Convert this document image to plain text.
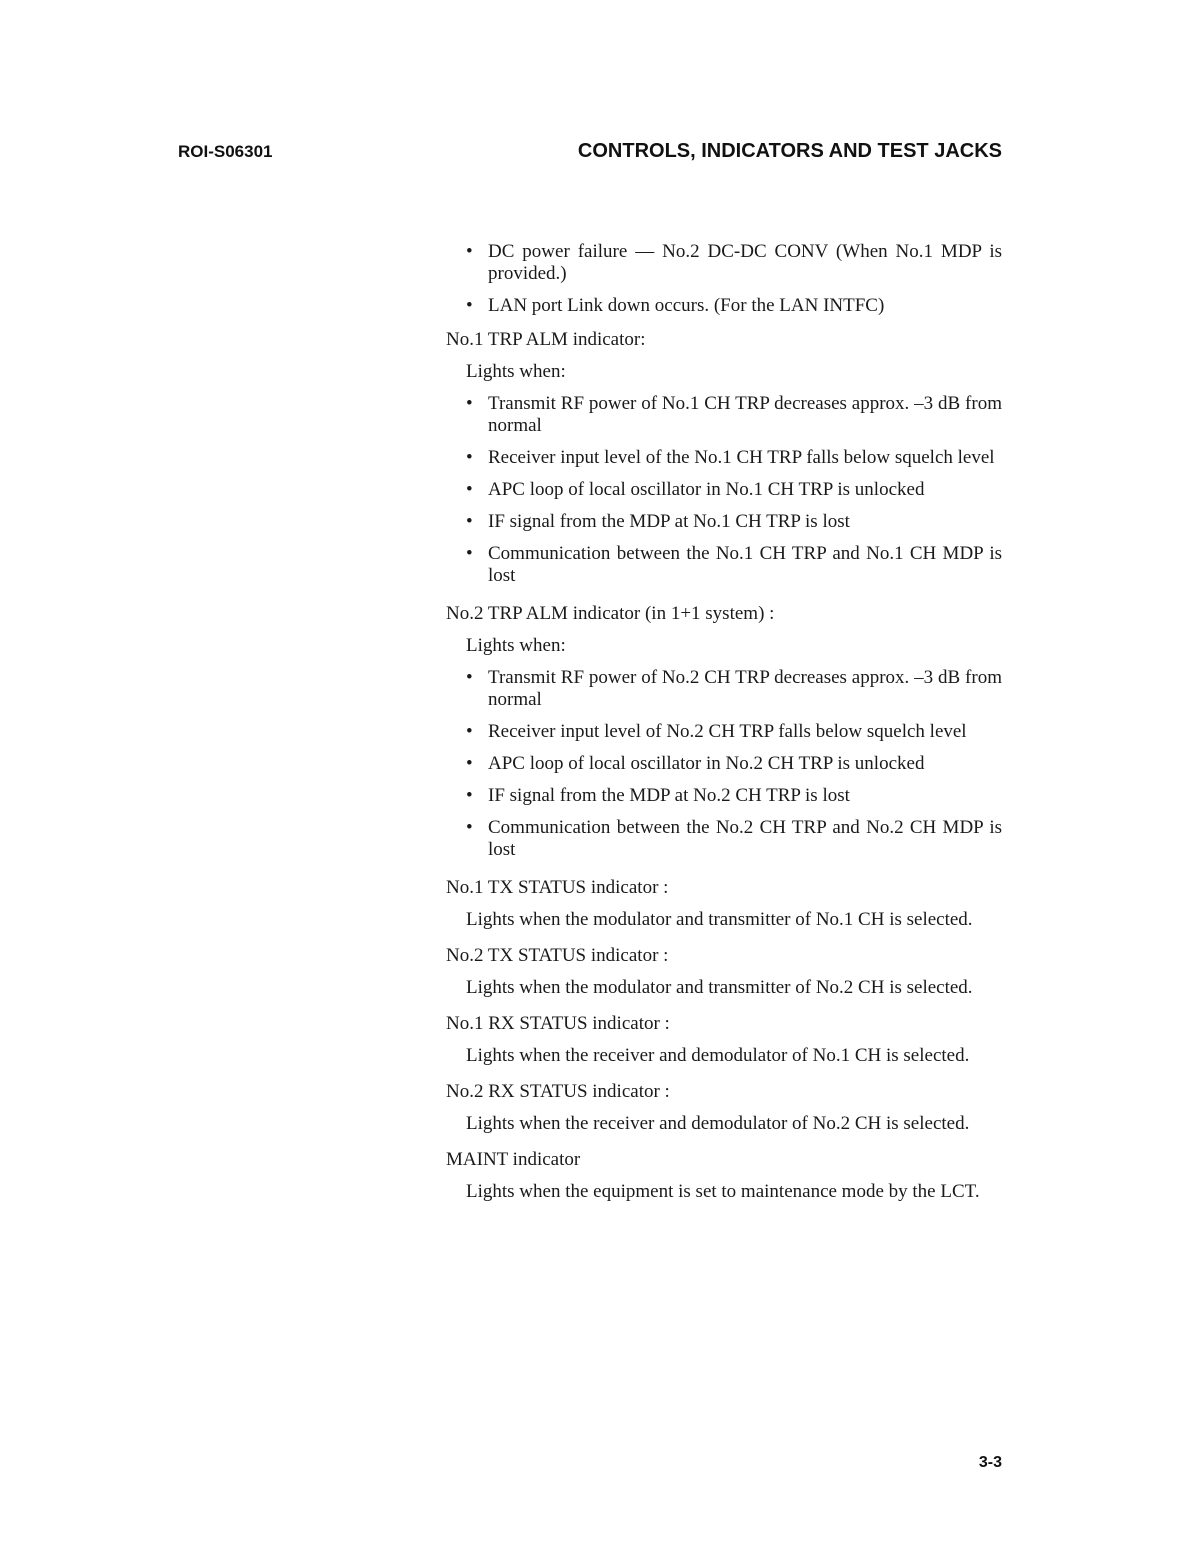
ROI-S06301	CONTROLS, INDICATORS AND TEST JACKS
• DC power failure — No.2 DC-DC CONV (When No.1 MDP is provided.)
• LAN port Link down occurs. (For the LAN INTFC)

No.1 TRP ALM indicator:

Lights when:

• Transmit RF power of No.1 CH TRP decreases approx. –3 dB from normal
• Receiver input level of the No.1 CH TRP falls below squelch level
• APC loop of local oscillator in No.1 CH TRP is unlocked
• IF signal from the MDP at No.1 CH TRP is lost
• Communication between the No.1 CH TRP and No.1 CH MDP is lost

No.2 TRP ALM indicator (in 1+1 system) :

Lights when:

• Transmit RF power of No.2 CH TRP decreases approx. –3 dB from normal
• Receiver input level of No.2 CH TRP falls below squelch level
• APC loop of local oscillator in No.2 CH TRP is unlocked
• IF signal from the MDP at No.2 CH TRP is lost
• Communication between the No.2 CH TRP and No.2 CH MDP is lost

No.1 TX STATUS indicator :

Lights when the modulator and transmitter of No.1 CH is selected.

No.2 TX STATUS indicator :

Lights when the modulator and transmitter of No.2 CH is selected.

No.1 RX STATUS indicator :

Lights when the receiver and demodulator of No.1 CH is selected.

No.2 RX STATUS indicator :

Lights when the receiver and demodulator of No.2 CH is selected.

MAINT indicator

Lights when the equipment is set to maintenance mode by the LCT.

3-3
